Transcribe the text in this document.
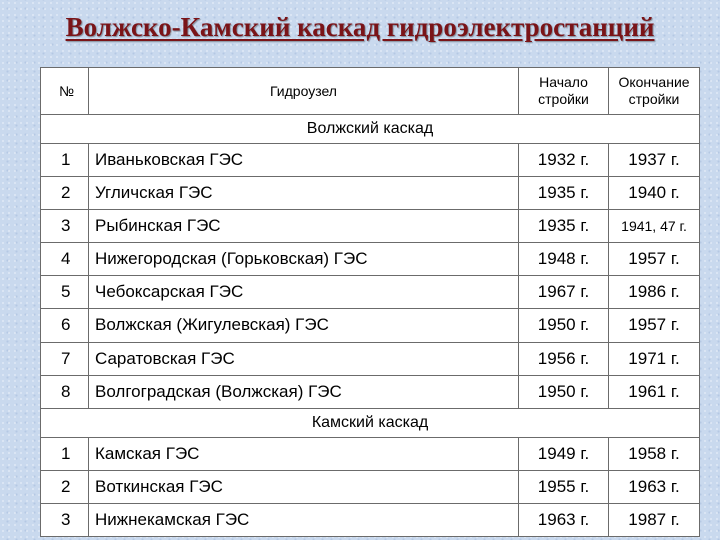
Волжско-Камский каскад гидроэлектростанций
№	Гидроузел	Начало стройки	Окончание стройки
Волжский каскад			
1	Иваньковская ГЭС	1932 г.	1937 г.
2	Угличская ГЭС	1935 г.	1940 г.
3	Рыбинская ГЭС	1935 г.	1941, 47 г.
4	Нижегородская (Горьковская) ГЭС	1948 г.	1957 г.
5	Чебоксарская ГЭС	1967 г.	1986 г.
6	Волжская (Жигулевская) ГЭС	1950 г.	1957 г.
7	Саратовская ГЭС	1956 г.	1971 г.
8	Волгоградская (Волжская) ГЭС	1950 г.	1961 г.
Камский каскад			
1	Камская ГЭС	1949 г.	1958 г.
2	Воткинская ГЭС	1955 г.	1963 г.
3	Нижнекамская ГЭС	1963 г.	1987 г.
